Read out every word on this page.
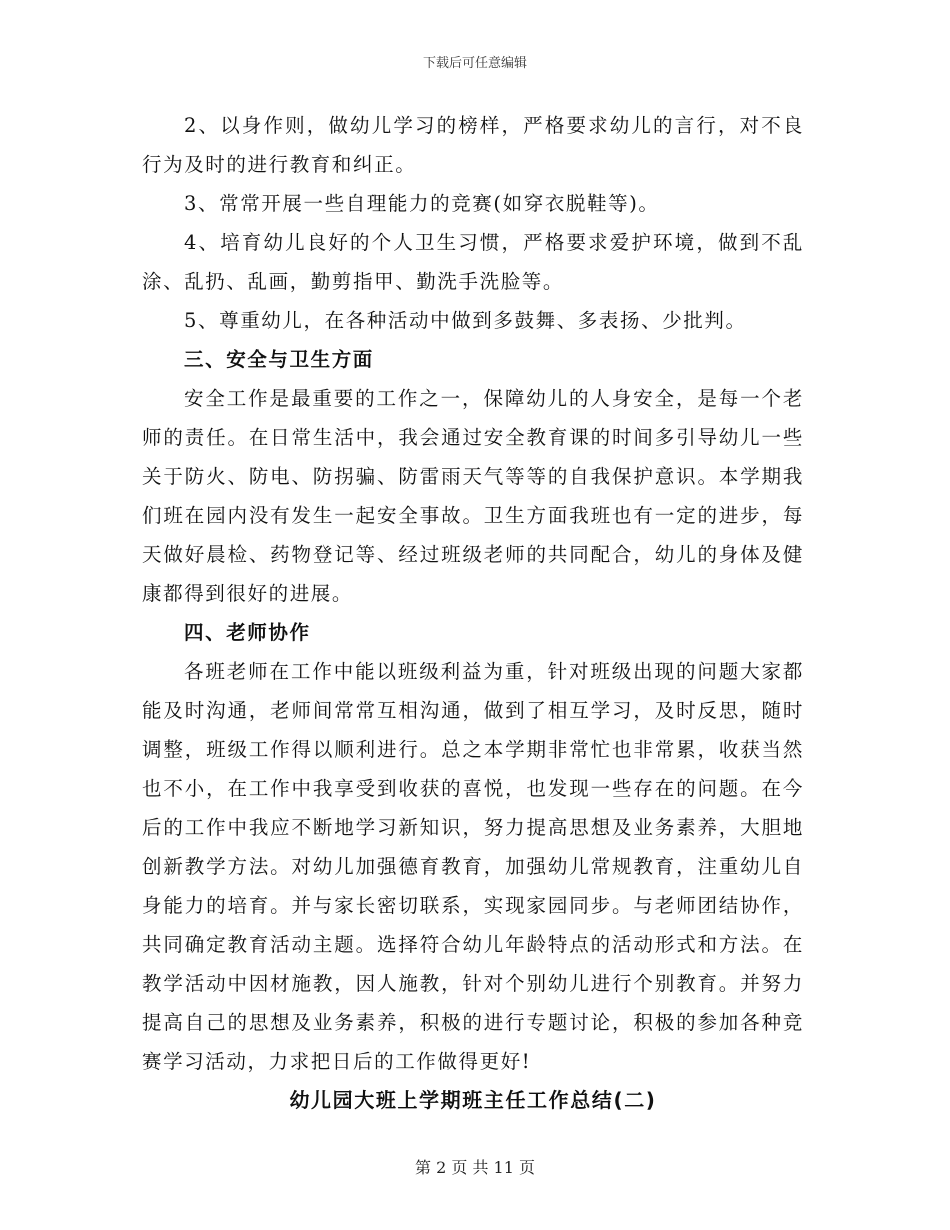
下载后可任意编辑

2、以身作则，做幼儿学习的榜样，严格要求幼儿的言行，对不良行为及时的进行教育和纠正。

3、常常开展一些自理能力的竞赛(如穿衣脱鞋等)。

4、培育幼儿良好的个人卫生习惯，严格要求爱护环境，做到不乱涂、乱扔、乱画，勤剪指甲、勤洗手洗脸等。

5、尊重幼儿，在各种活动中做到多鼓舞、多表扬、少批判。

三、安全与卫生方面

安全工作是最重要的工作之一，保障幼儿的人身安全，是每一个老师的责任。在日常生活中，我会通过安全教育课的时间多引导幼儿一些关于防火、防电、防拐骗、防雷雨天气等等的自我保护意识。本学期我们班在园内没有发生一起安全事故。卫生方面我班也有一定的进步，每天做好晨检、药物登记等、经过班级老师的共同配合，幼儿的身体及健康都得到很好的进展。

四、老师协作

各班老师在工作中能以班级利益为重，针对班级出现的问题大家都能及时沟通，老师间常常互相沟通，做到了相互学习，及时反思，随时调整，班级工作得以顺利进行。总之本学期非常忙也非常累，收获当然也不小，在工作中我享受到收获的喜悦，也发现一些存在的问题。在今后的工作中我应不断地学习新知识，努力提高思想及业务素养，大胆地创新教学方法。对幼儿加强德育教育，加强幼儿常规教育，注重幼儿自身能力的培育。并与家长密切联系，实现家园同步。与老师团结协作，共同确定教育活动主题。选择符合幼儿年龄特点的活动形式和方法。在教学活动中因材施教，因人施教，针对个别幼儿进行个别教育。并努力提高自己的思想及业务素养，积极的进行专题讨论，积极的参加各种竞赛学习活动，力求把日后的工作做得更好!

幼儿园大班上学期班主任工作总结(二)

第 2 页 共 11 页
